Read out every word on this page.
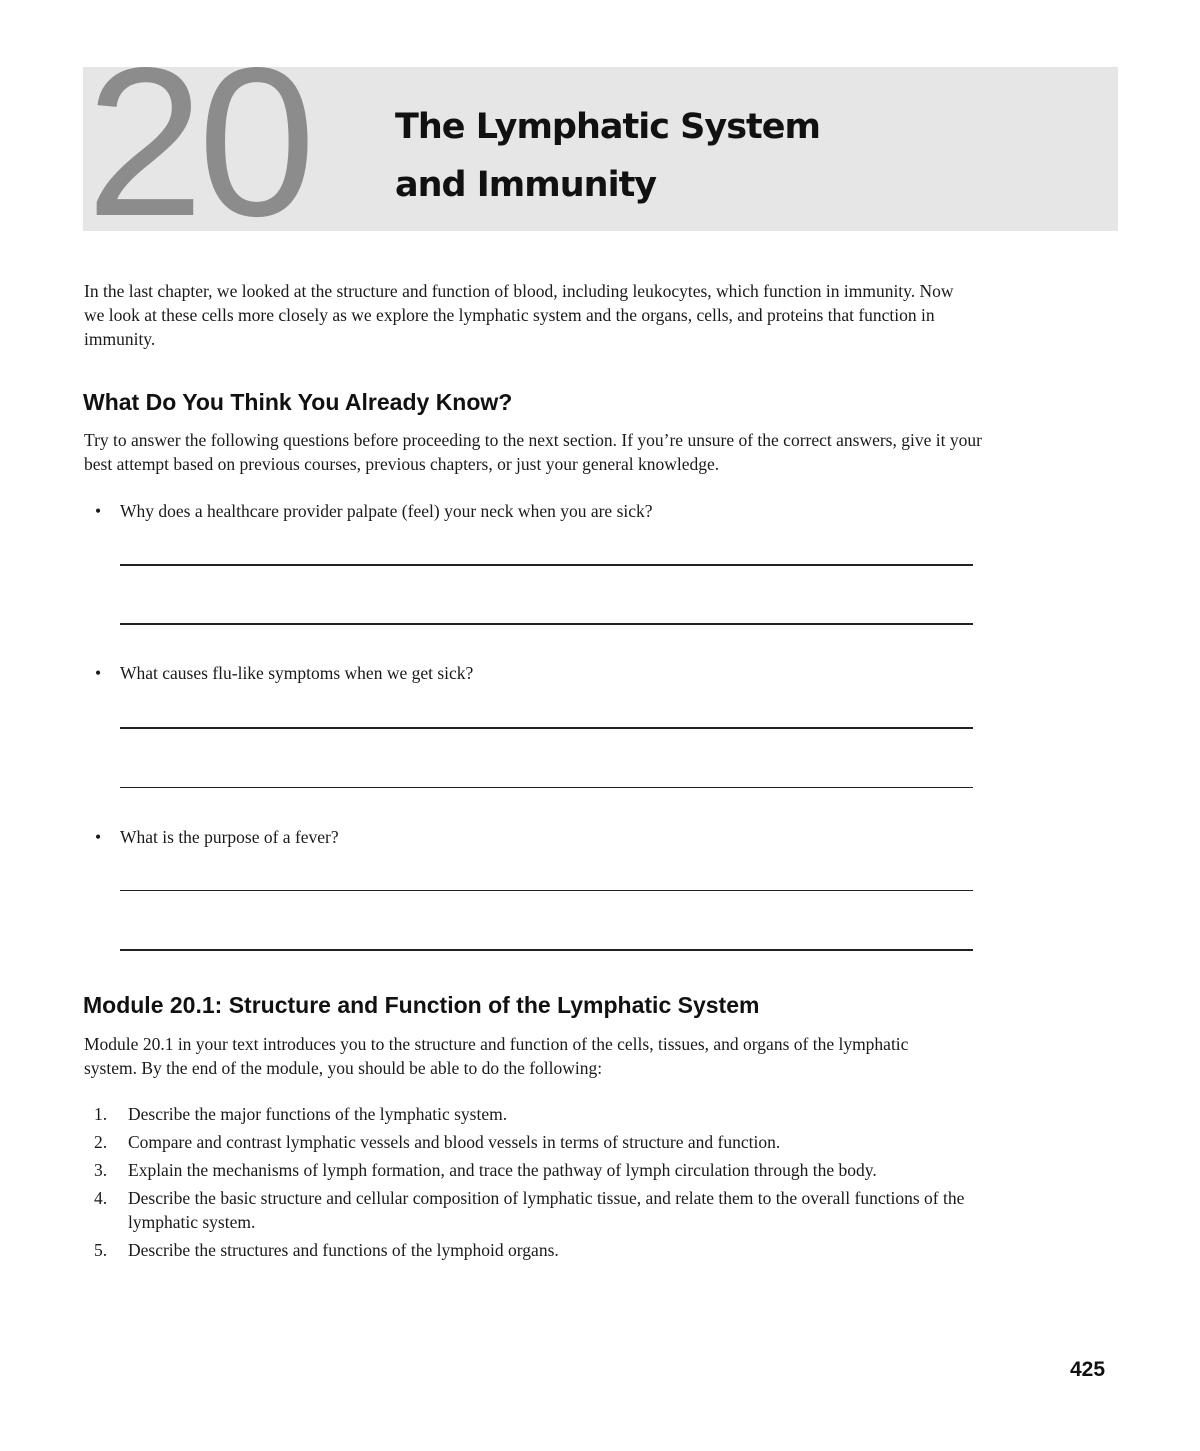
20 The Lymphatic System
and Immunity

In the last chapter, we looked at the structure and function of blood, including leukocytes, which function in immunity. Now we look at these cells more closely as we explore the lymphatic system and the organs, cells, and proteins that function in immunity.

What Do You Think You Already Know?

Try to answer the following questions before proceeding to the next section. If you’re unsure of the correct answers, give it your best attempt based on previous courses, previous chapters, or just your general knowledge.

• Why does a healthcare provider palpate (feel) your neck when you are sick?
• What causes flu-like symptoms when we get sick?
• What is the purpose of a fever?
Module 20.1: Structure and Function of the Lymphatic System

Module 20.1 in your text introduces you to the structure and function of the cells, tissues, and organs of the lymphatic system. By the end of the module, you should be able to do the following:

1. Describe the major functions of the lymphatic system.
2. Compare and contrast lymphatic vessels and blood vessels in terms of structure and function.
3. Explain the mechanisms of lymph formation, and trace the pathway of lymph circulation through the body.
4. Describe the basic structure and cellular composition of lymphatic tissue, and relate them to the overall functions of the lymphatic system.
5. Describe the structures and functions of the lymphoid organs.
425
